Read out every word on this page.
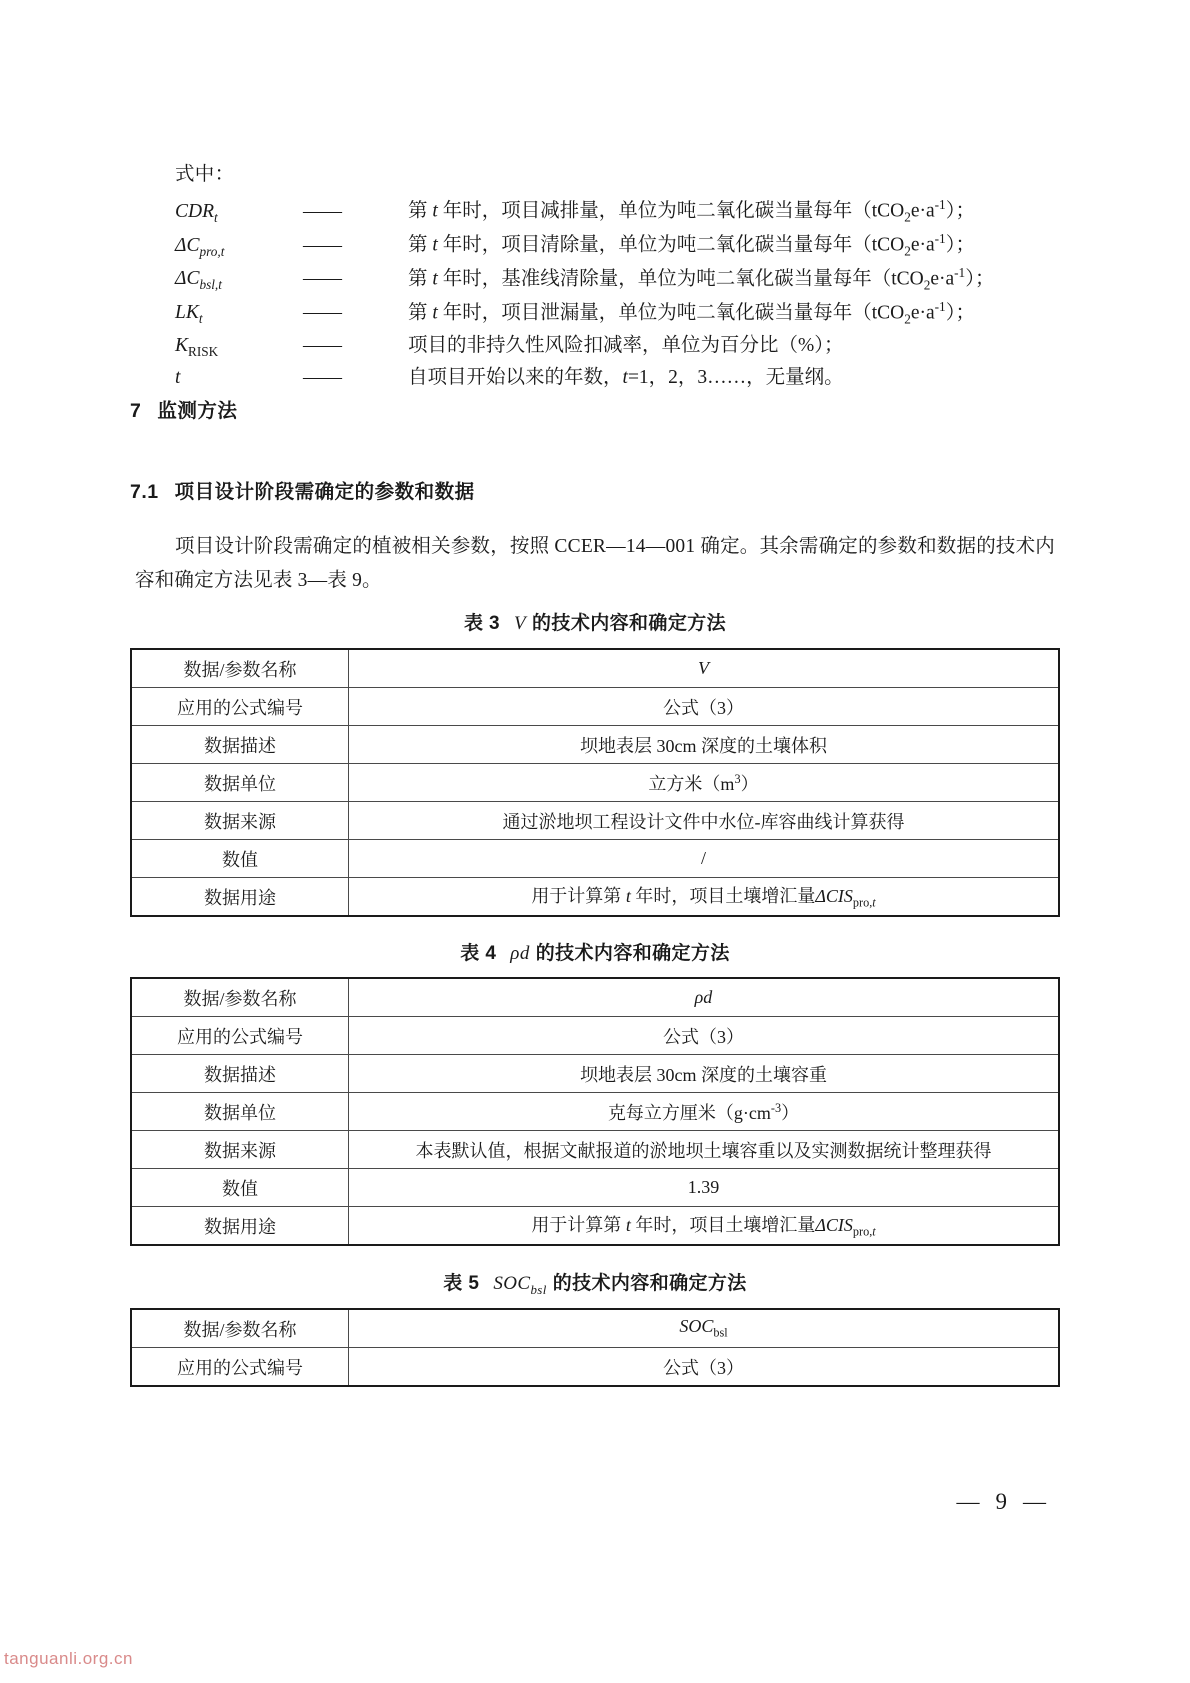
式中：
$CDR_t$	——	第 t 年时，项目减排量，单位为吨二氧化碳当量每年$(tCO_2e\cdot a^{-1})$；
$\Delta C_{pro,t}$	——	第 t 年时，项目清除量，单位为吨二氧化碳当量每年$(tCO_2e\cdot a^{-1})$；
$\Delta C_{bsl,t}$	——	第 t 年时，基准线清除量，单位为吨二氧化碳当量每年$(tCO_2e\cdot a^{-1})$；
$LK_t$	——	第 t 年时，项目泄漏量，单位为吨二氧化碳当量每年$(tCO_2e\cdot a^{-1})$；
$K_{RISK}$	——	项目的非持久性风险扣减率，单位为百分比（%）；
t	——	自项目开始以来的年数，t=1，2，3……，无量纲。
7 监测方法
7.1 项目设计阶段需确定的参数和数据
项目设计阶段需确定的植被相关参数，按照 CCER—14—001 确定。其余需确定的参数和数据的技术内容和确定方法见表 3—表 9。
表 3 V 的技术内容和确定方法
数据/参数名称	V
应用的公式编号	公式（3）
数据描述	坝地表层 30cm 深度的土壤体积
数据单位	立方米$(m^3)$
数据来源	通过淤地坝工程设计文件中水位-库容曲线计算获得
数值	/
数据用途	用于计算第 t 年时，项目土壤增汇量$\Delta CIS_{pro,t}$
表 4 ρd 的技术内容和确定方法
数据/参数名称	ρd
应用的公式编号	公式（3）
数据描述	坝地表层 30cm 深度的土壤容重
数据单位	克每立方厘米$(g\cdot cm^{-3})$
数据来源	本表默认值，根据文献报道的淤地坝土壤容重以及实测数据统计整理获得
数值	1.39
数据用途	用于计算第 t 年时，项目土壤增汇量$\Delta CIS_{pro,t}$
表 5 $SOC_{bsl}$ 的技术内容和确定方法
数据/参数名称	$SOC_{bsl}$
应用的公式编号	公式（3）
— 9 —
tanguanli.org.cn
